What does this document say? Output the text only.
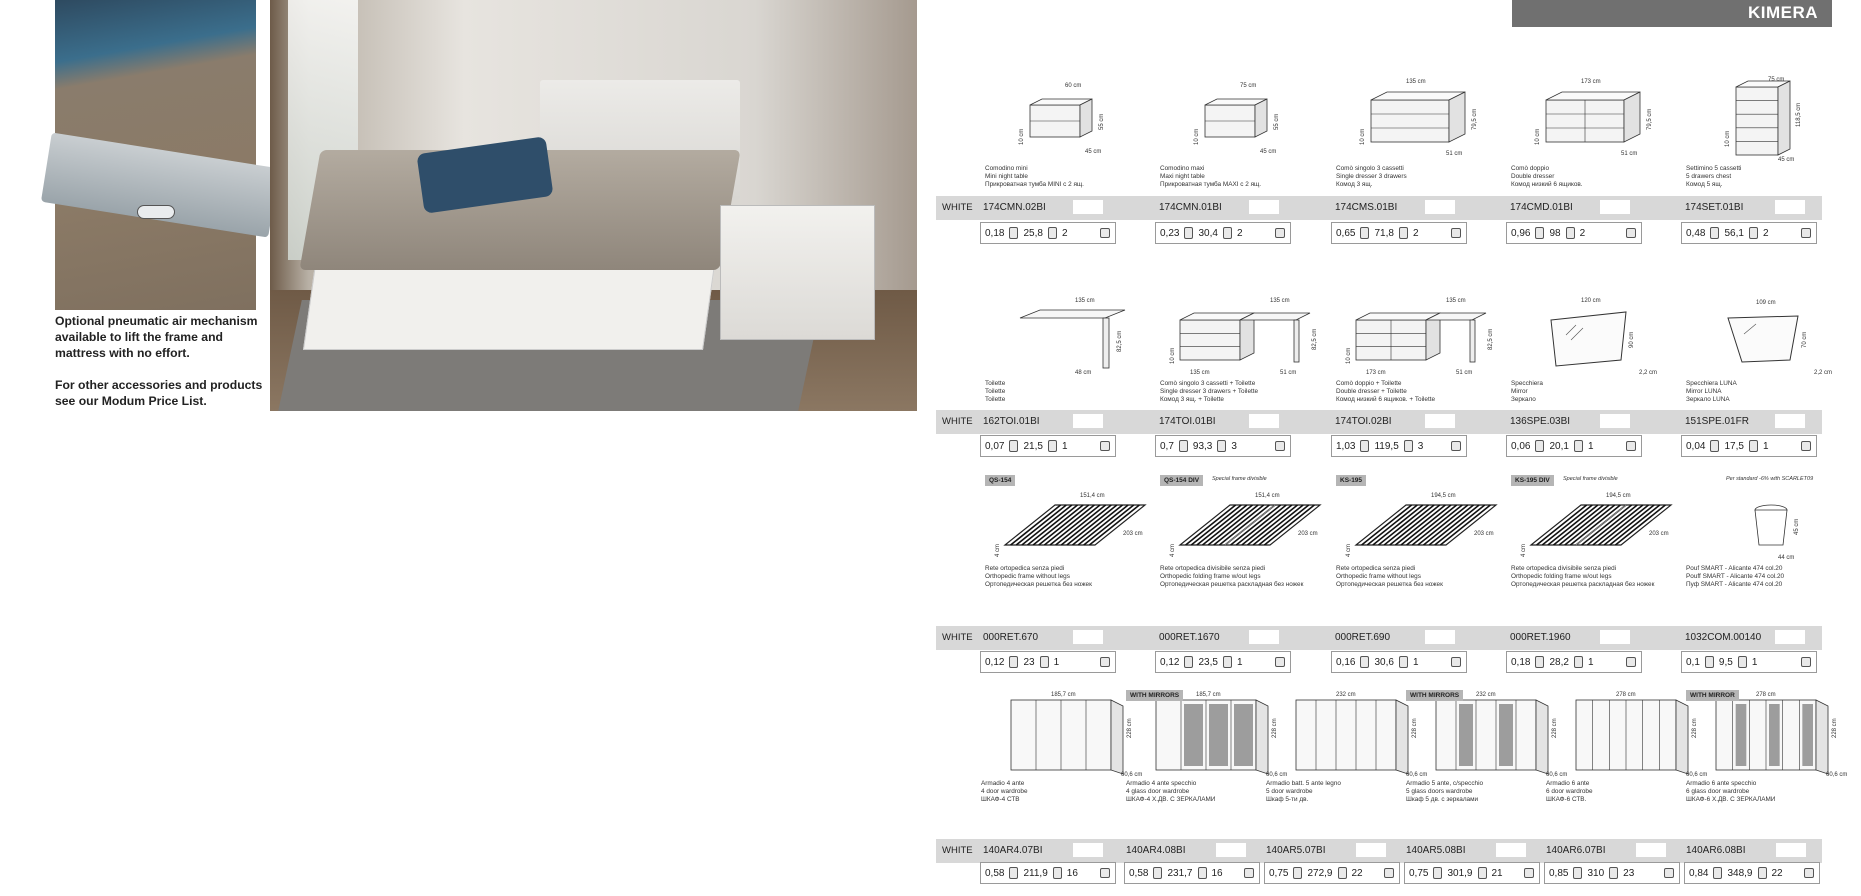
Optional pneumatic air mechanism available to lift the frame and mattress with no effort.

For other accessories and products see our Modum Price List.

KIMERA
60 cm
45 cm
55 cm
10 cm
Comodino mini
Mini night table
Прикроватная тумба MINI с 2 ящ.
75 cm
45 cm
55 cm
10 cm
Comodino maxi
Maxi night table
Прикроватная тумба MAXI с 2 ящ.
135 cm
51 cm
79,5 cm
10 cm
Comò singolo 3 cassetti
Single dresser 3 drawers
Комод 3 ящ.
173 cm
51 cm
79,5 cm
10 cm
Comò doppio
Double dresser
Комод низкий 6 ящиков.
75 cm
45 cm
118,5 cm
10 cm
Settimino 5 cassetti
5 drawers chest
Комод 5 ящ.
WHITE 174CMN.02BI	174CMN.01BI	174CMS.01BI	174CMD.01BI	174SET.01BI
0,18 25,8 2	0,23 30,4 2	0,65 71,8 2	0,96 98 2	0,48 56,1 2
135 cm
48 cm
82,5 cm
Toilette
Toilette
Toilette
135 cm
135 cm	51 cm
82,5 cm
10 cm
Comò singolo 3 cassetti + Toilette
Single dresser 3 drawers + Toilette
Комод 3 ящ. + Toilette
135 cm
173 cm	51 cm
82,5 cm
10 cm
Comò doppio + Toilette
Double dresser + Toilette
Комод низкий 6 ящиков. + Toilette
120 cm
90 cm
2,2 cm
Specchiera
Mirror
Зеркало
109 cm
70 cm
2,2 cm
Specchiera LUNA
Mirror LUNA
Зеркало LUNA
WHITE 162TOI.01BI	174TOI.01BI	174TOI.02BI	136SPE.03BI	151SPE.01FR
0,07 21,5 1	0,7 93,3 3	1,03 119,5 3	0,06 20,1 1	0,04 17,5 1
151,4 cm
203 cm
4 cm
QS-154
Rete ortopedica senza piedi
Orthopedic frame without legs
Ортопедическая решетка без ножек
151,4 cm
203 cm
4 cm
QS-154 DIV	Special frame divisible
Rete ortopedica divisibile senza piedi
Orthopedic folding frame w/out legs
Ортопедическая решетка раскладная без ножек
194,5 cm
203 cm
4 cm
KS-195
Rete ortopedica senza piedi
Orthopedic frame without legs
Ортопедическая решетка без ножек
194,5 cm
203 cm
4 cm
KS-195 DIV	Special frame divisible
Rete ortopedica divisibile senza piedi
Orthopedic folding frame w/out legs
Ортопедическая решетка раскладная без ножек
44 cm
45 cm
Per standard -6% with SCARLET09
Pouf SMART - Alicante 474 col.20
Pouff SMART - Alicante 474 col.20
Пуф SMART - Alicante 474 col.20
WHITE 000RET.670	000RET.1670	000RET.690	000RET.1960	1032COM.00140
0,12 23 1	0,12 23,5 1	0,16 30,6 1	0,18 28,2 1	0,1 9,5 1
185,7 cm
228 cm
60,6 cm
Armadio 4 ante
4 door wardrobe
ШКАФ-4 СТВ
185,7 cm
228 cm
60,6 cm
WITH MIRRORS
Armadio 4 ante specchio
4 glass door wardrobe
ШКАФ-4 Х.ДВ. С ЗЕРКАЛАМИ
232 cm
228 cm
60,6 cm
Armadio batt. 5 ante legno
5 door wardrobe
Шкаф 5-ти дв.
232 cm
228 cm
60,6 cm
WITH MIRRORS
Armadio 5 ante, c/specchio
5 glass doors wardrobe
Шкаф 5 дв. с зеркалами
278 cm
228 cm
60,6 cm
Armadio 6 ante
6 door wardrobe
ШКАФ-6 СТВ.
278 cm
228 cm
60,6 cm
WITH MIRROR
Armadio 6 ante specchio
6 glass door wardrobe
ШКАФ-6 Х.ДВ. С ЗЕРКАЛАМИ
WHITE 140AR4.07BI	140AR4.08BI	140AR5.07BI	140AR5.08BI	140AR6.07BI	140AR6.08BI
0,58 211,9 16	0,58 231,7 16	0,75 272,9 22	0,75 301,9 21	0,85 310 23	0,84 348,9 22
